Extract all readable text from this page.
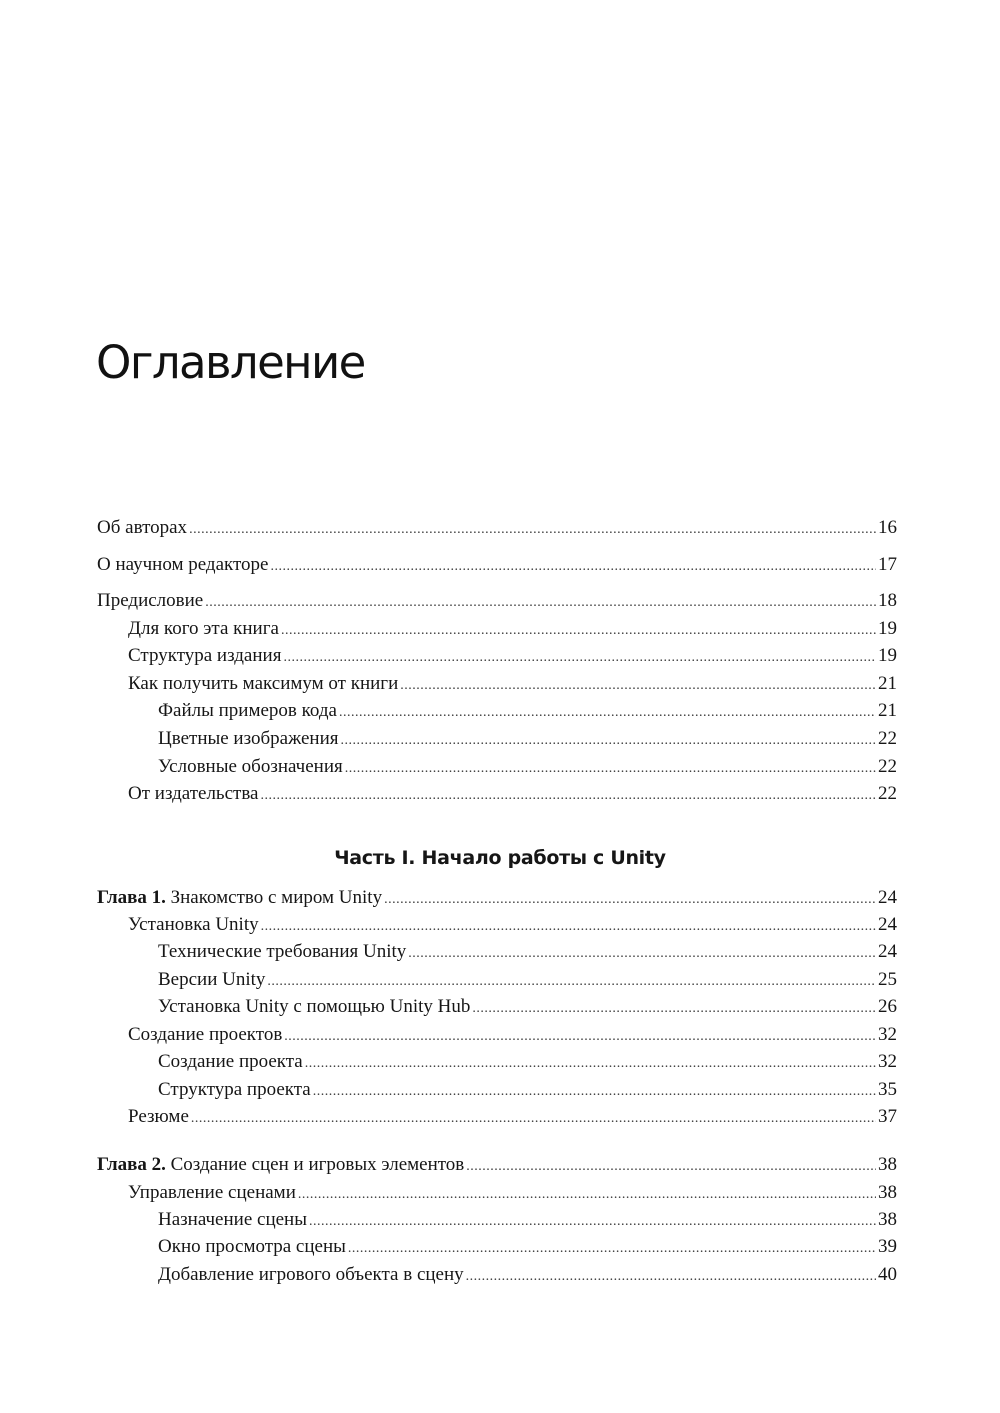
Оглавление
Об авторах .....	16
О научном редакторе .....	17
Предисловие .....	18
Для кого эта книга .....	19
Структура издания .....	19
Как получить максимум от книги .....	21
Файлы примеров кода .....	21
Цветные изображения .....	22
Условные обозначения .....	22
От издательства .....	22
Часть I. Начало работы с Unity
Глава 1. Знакомство с миром Unity .....	24
Установка Unity .....	24
Технические требования Unity .....	24
Версии Unity .....	25
Установка Unity с помощью Unity Hub .....	26
Создание проектов .....	32
Создание проекта .....	32
Структура проекта .....	35
Резюме .....	37
Глава 2. Создание сцен и игровых элементов .....	38
Управление сценами .....	38
Назначение сцены .....	38
Окно просмотра сцены .....	39
Добавление игрового объекта в сцену .....	40
